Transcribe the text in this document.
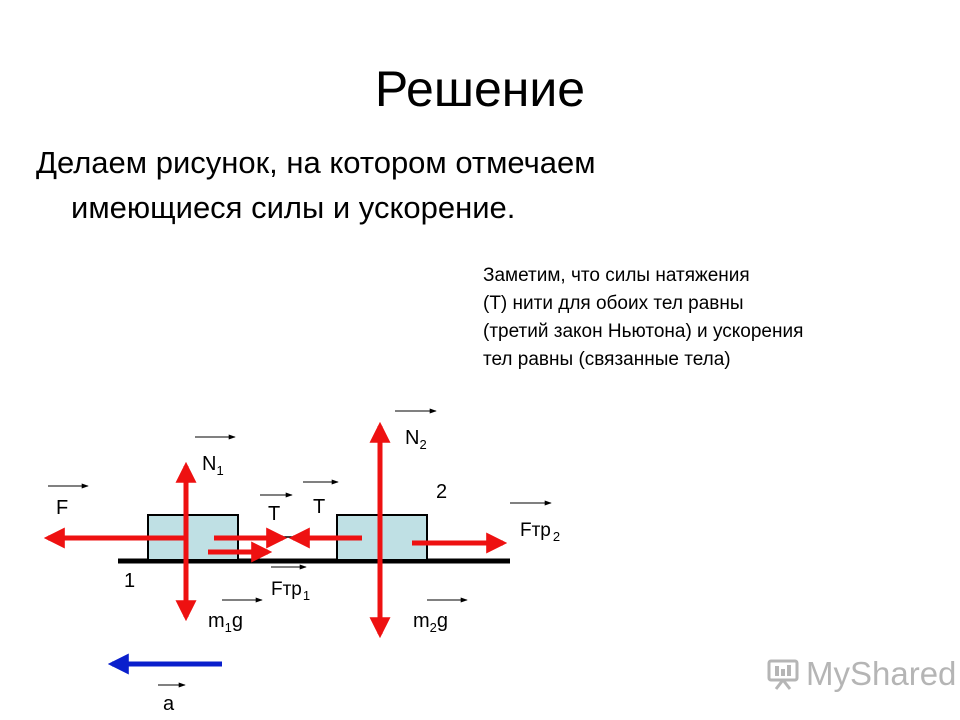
Решение

Делаем рисунок, на котором отмечаем
имеющиеся силы и ускорение.

Заметим, что силы натяжения
(T) нити для обоих тел равны
(третий закон Ньютона) и ускорения
тел равны (связанные тела)
$N_1$
$N_2$
F	T T
2
Fтр $_2$
1	Fтр$_1$
$m_1g$	$m_2g$
a
MyShared
